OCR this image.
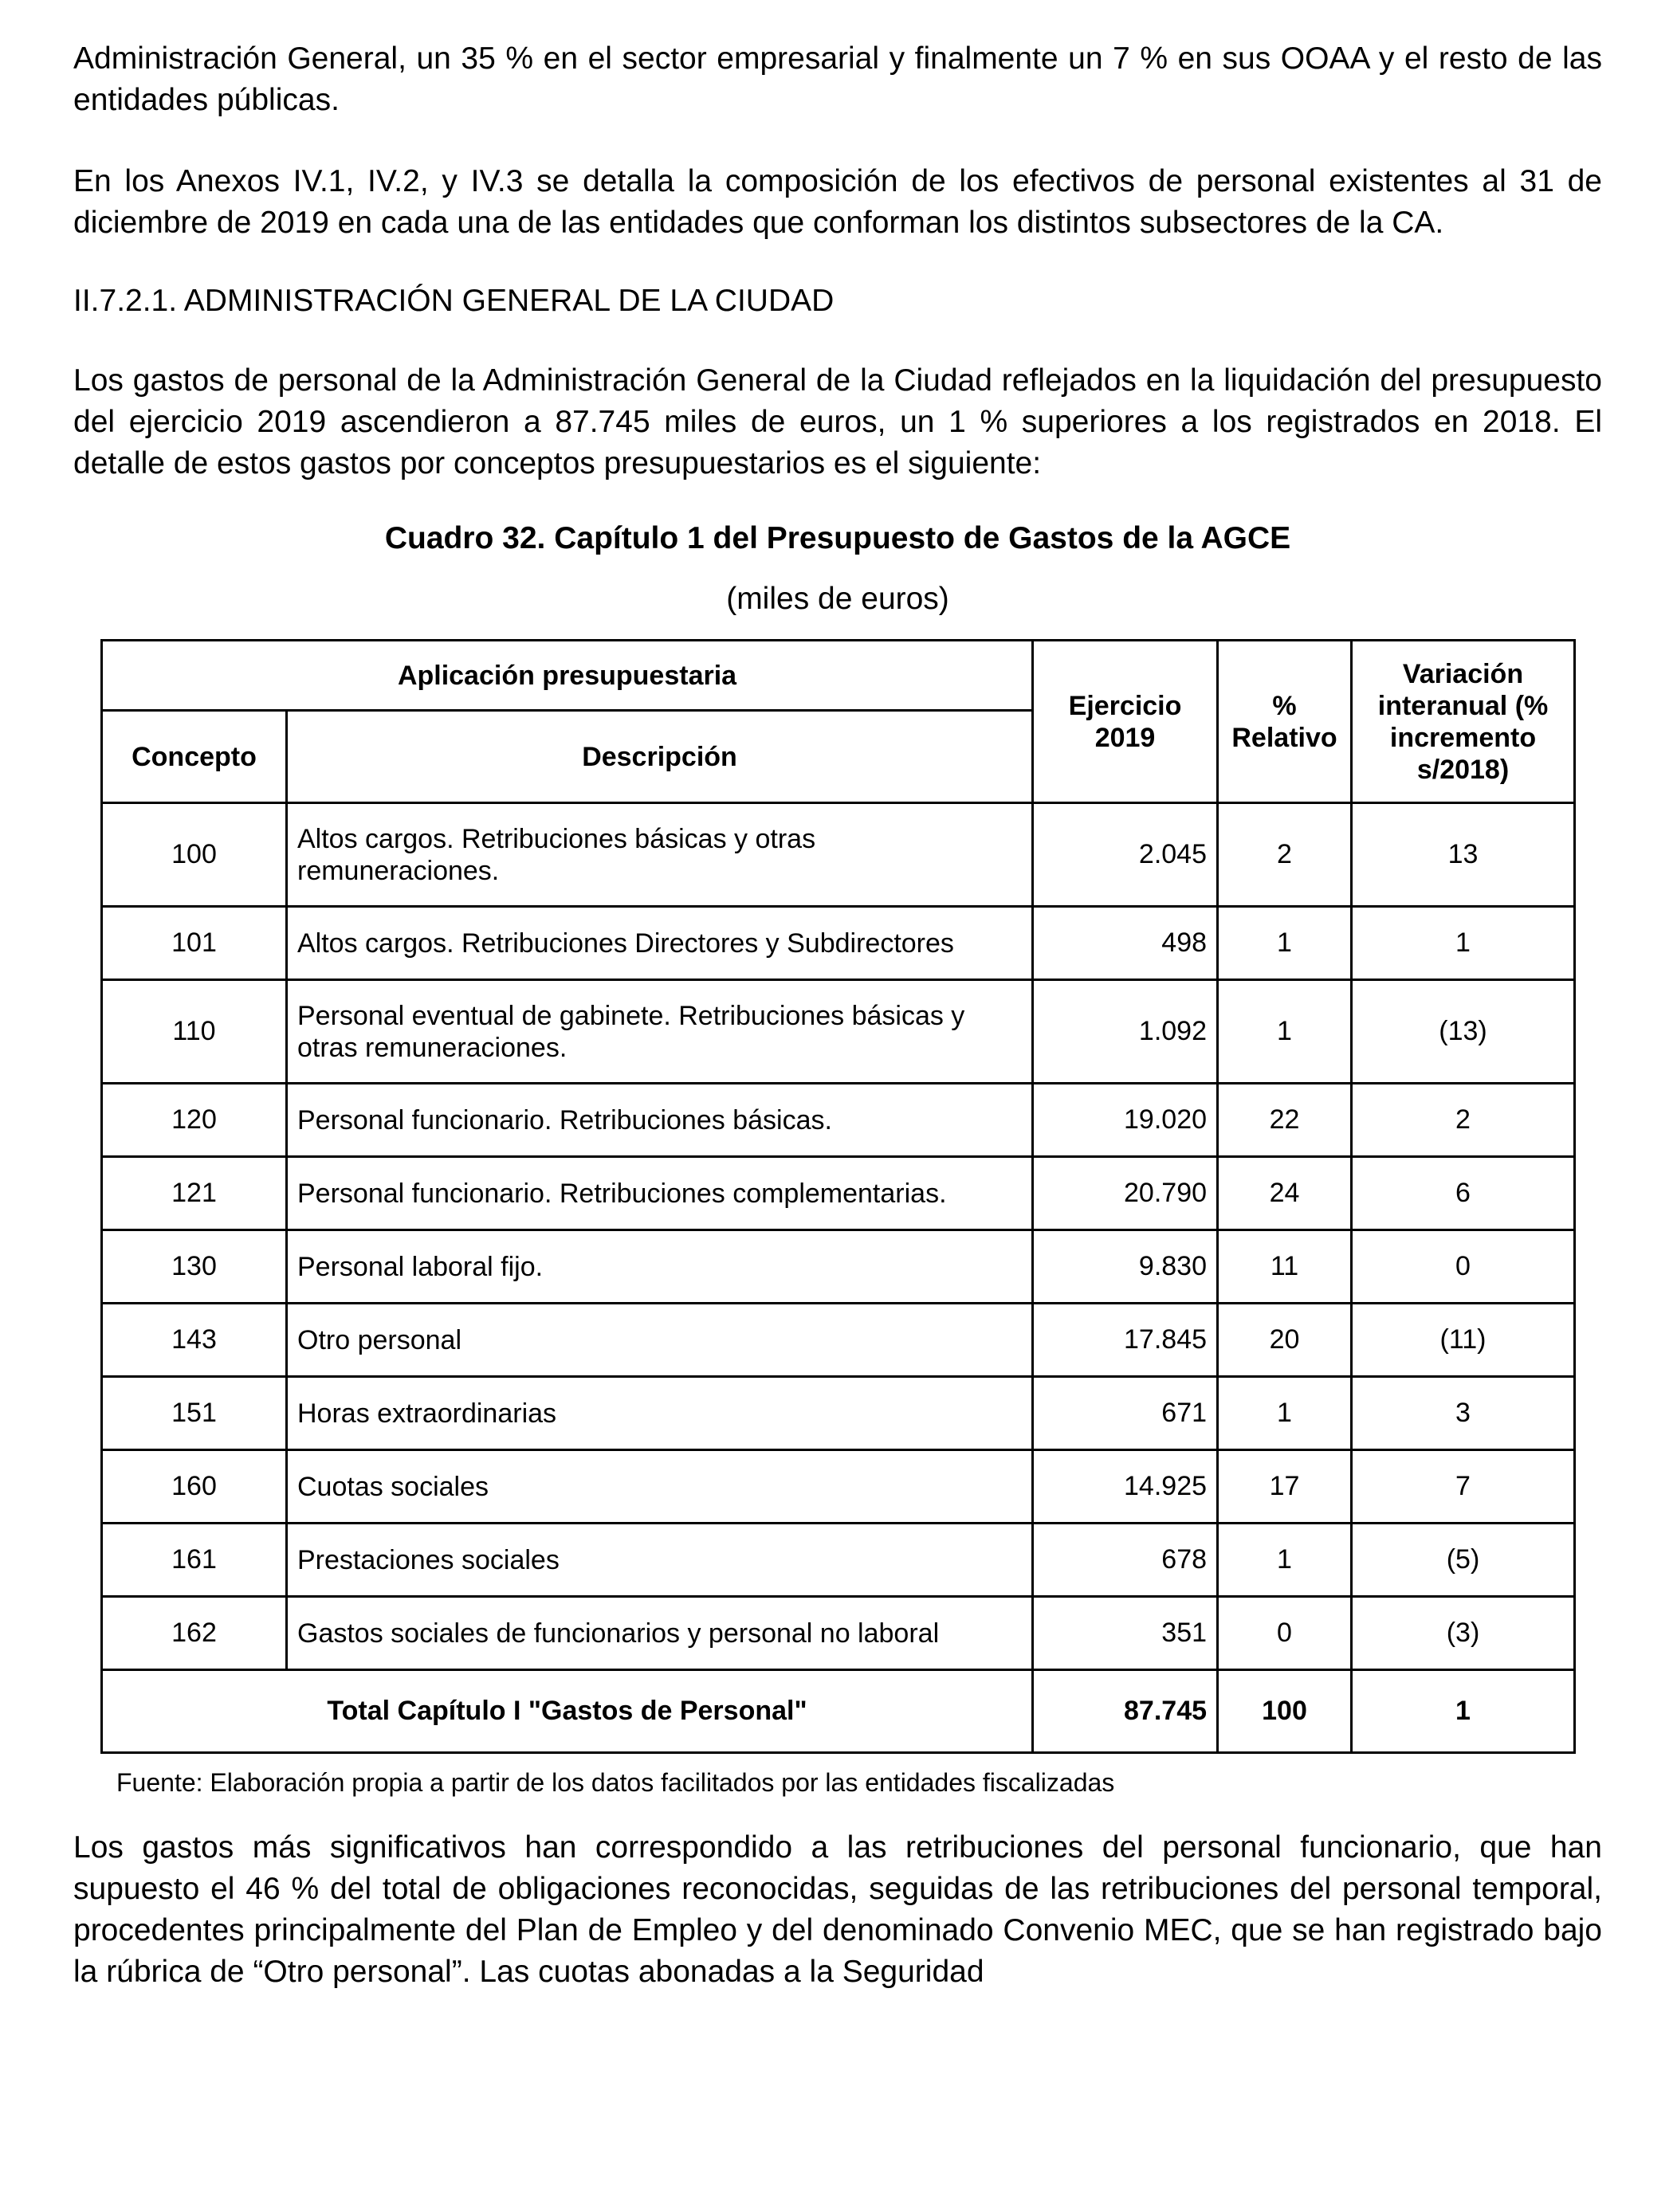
Administración General, un 35 % en el sector empresarial y finalmente un 7 % en sus OOAA y el resto de las entidades públicas.

En los Anexos IV.1, IV.2, y IV.3 se detalla la composición de los efectivos de personal existentes al 31 de diciembre de 2019 en cada una de las entidades que conforman los distintos subsectores de la CA.

II.7.2.1. ADMINISTRACIÓN GENERAL DE LA CIUDAD

Los gastos de personal de la Administración General de la Ciudad reflejados en la liquidación del presupuesto del ejercicio 2019 ascendieron a 87.745 miles de euros, un 1 % superiores a los registrados en 2018. El detalle de estos gastos por conceptos presupuestarios es el siguiente:

Cuadro 32. Capítulo 1 del Presupuesto de Gastos de la AGCE

(miles de euros)

Aplicación presupuestaria		Ejercicio 2019	% Relativo	Variación interanual (% incremento s/2018)
Concepto	Descripción			
100	Altos cargos. Retribuciones básicas y otras remuneraciones.	2.045	2	13
101	Altos cargos. Retribuciones Directores y Subdirectores	498	1	1
110	Personal eventual de gabinete. Retribuciones básicas y otras remuneraciones.	1.092	1	(13)
120	Personal funcionario. Retribuciones básicas.	19.020	22	2
121	Personal funcionario. Retribuciones complementarias.	20.790	24	6
130	Personal laboral fijo.	9.830	11	0
143	Otro personal	17.845	20	(11)
151	Horas extraordinarias	671	1	3
160	Cuotas sociales	14.925	17	7
161	Prestaciones sociales	678	1	(5)
162	Gastos sociales de funcionarios y personal no laboral	351	0	(3)
Total Capítulo I "Gastos de Personal"		87.745	100	1

Fuente: Elaboración propia a partir de los datos facilitados por las entidades fiscalizadas

Los gastos más significativos han correspondido a las retribuciones del personal funcionario, que han supuesto el 46 % del total de obligaciones reconocidas, seguidas de las retribuciones del personal temporal, procedentes principalmente del Plan de Empleo y del denominado Convenio MEC, que se han registrado bajo la rúbrica de “Otro personal”. Las cuotas abonadas a la Seguridad
